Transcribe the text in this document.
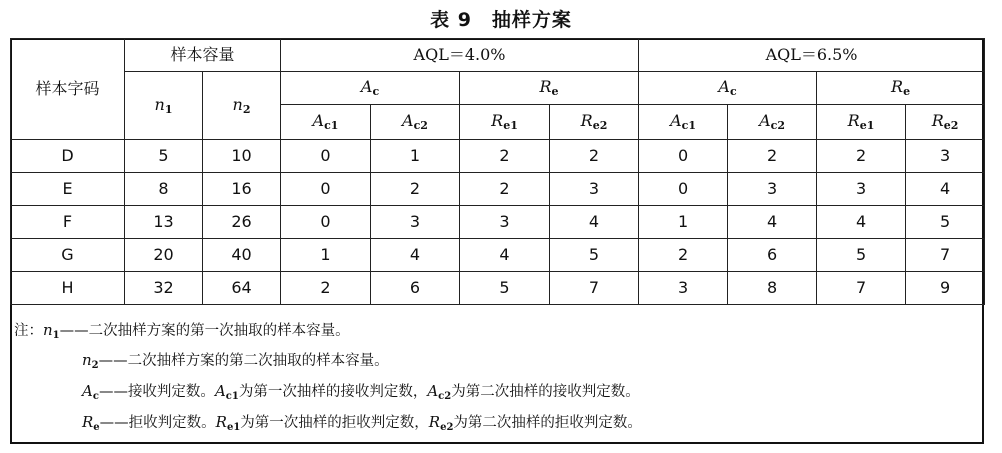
表 9　抽样方案
样本字码	样本容量		AQL＝4.0%				AQL＝6.5%			
	$n_1$	$n_2$	$A_c$		$R_e$		$A_c$		$R_e$
			$A_{c1}$	$A_{c2}$	$R_{e1}$	$R_{e2}$	$A_{c1}$	$A_{c2}$	$R_{e1}$	$R_{e2}$
D	5	10	0	1	2	2	0	2	2	3
E	8	16	0	2	2	3	0	3	3	4
F	13	26	0	3	3	4	1	4	4	5
G	20	40	1	4	4	5	2	6	5	7
H	32	64	2	6	5	7	3	8	7	9
注：$n_1——$二次抽样方案的第一次抽取的样本容量。
$n_2——$二次抽样方案的第二次抽取的样本容量。
$A_c——$接收判定数。$A_{c1}$为第一次抽样的接收判定数，$A_{c2}$为第二次抽样的接收判定数。
$R_e——$拒收判定数。$R_{e1}$为第一次抽样的拒收判定数，$R_{e2}$为第二次抽样的拒收判定数。
